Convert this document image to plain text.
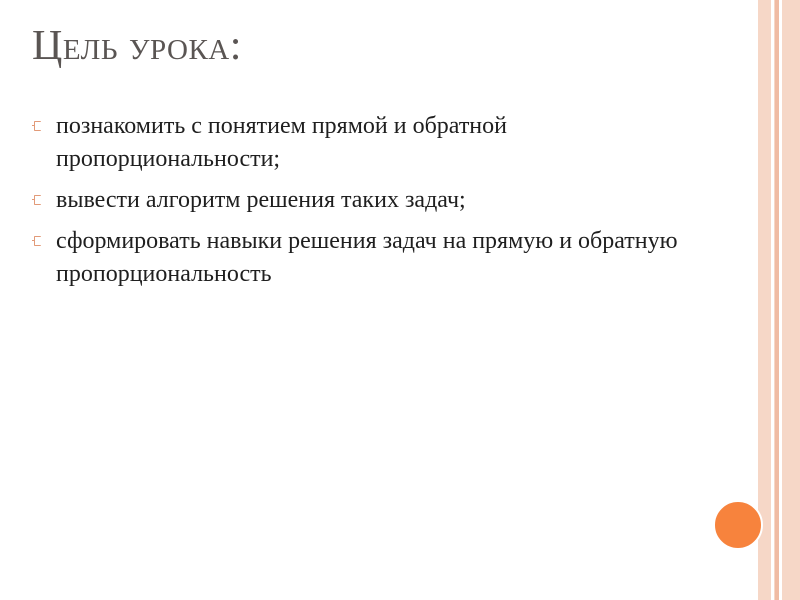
Цель урока:
познакомить с понятием прямой и обратной пропорциональности;
вывести алгоритм решения таких задач;
сформировать навыки решения задач на прямую и обратную пропорциональность
